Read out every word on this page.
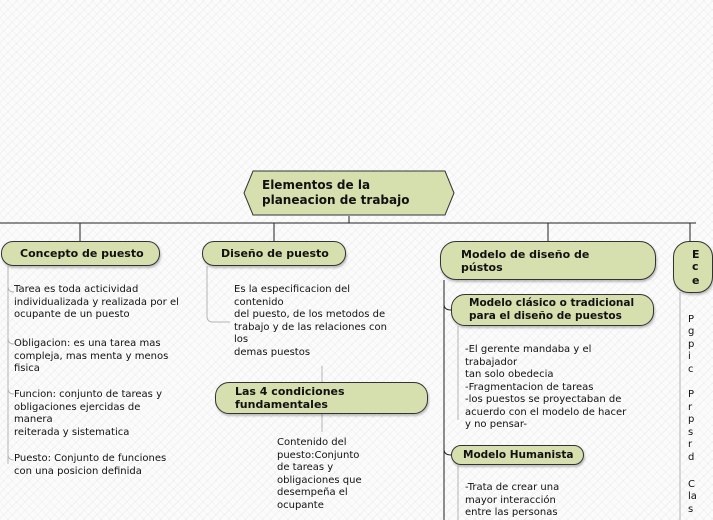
Elementos de la
planeacion de trabajo
Concepto de puesto
Tarea es toda acticividad
individualizada y realizada por el
ocupante de un puesto
Obligacion: es una tarea mas
compleja, mas menta y menos
fisica
Funcion: conjunto de tareas y
obligaciones ejercidas de
manera
reiterada y sistematica
Puesto: Conjunto de funciones
con una posicion definida
Diseño de puesto
Es la especificacion del
contenido
del puesto, de los metodos de
trabajo y de las relaciones con
los
demas puestos
Las 4 condiciones
fundamentales
Contenido del
puesto:Conjunto
de tareas y
obligaciones que
desempeña el
ocupante
Modelo de diseño de
pústos
Modelo clásico o tradicional
para el diseño de puestos
-El gerente mandaba y el
trabajador
tan solo obedecia
-Fragmentacion de tareas
-los puestos se proyectaban de
acuerdo con el modelo de hacer
y no pensar-
Modelo Humanista
-Trata de crear una
mayor interacción
entre las personas
E
c
e
P
g
p
i
c
P
r
p
s
r
d
C
la
s
